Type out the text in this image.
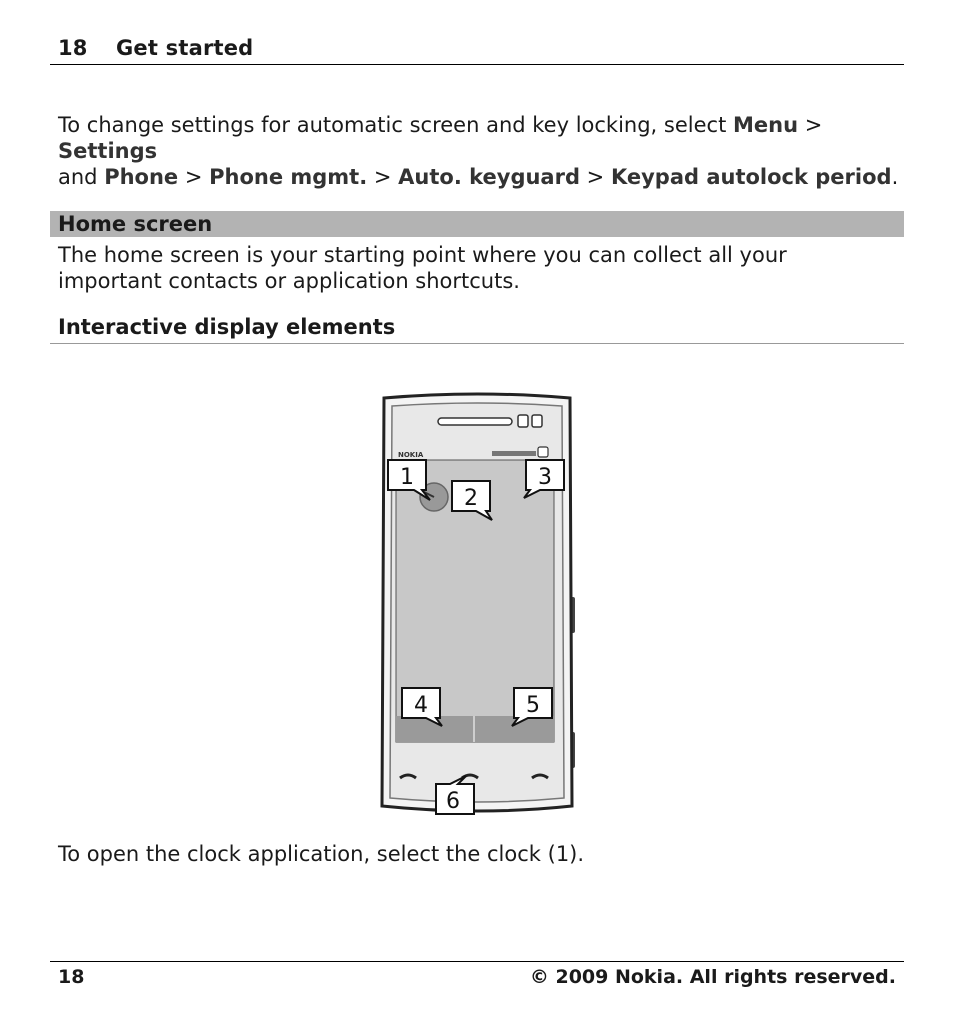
18 Get started
To change settings for automatic screen and key locking, select Menu > Settings
and Phone > Phone mgmt. > Auto. keyguard > Keypad autolock period.
Home screen
The home screen is your starting point where you can collect all your important contacts or application shortcuts.
Interactive display elements
NOKIA
1
2
3
4	5
6
To open the clock application, select the clock (1).
18	© 2009 Nokia. All rights reserved.
